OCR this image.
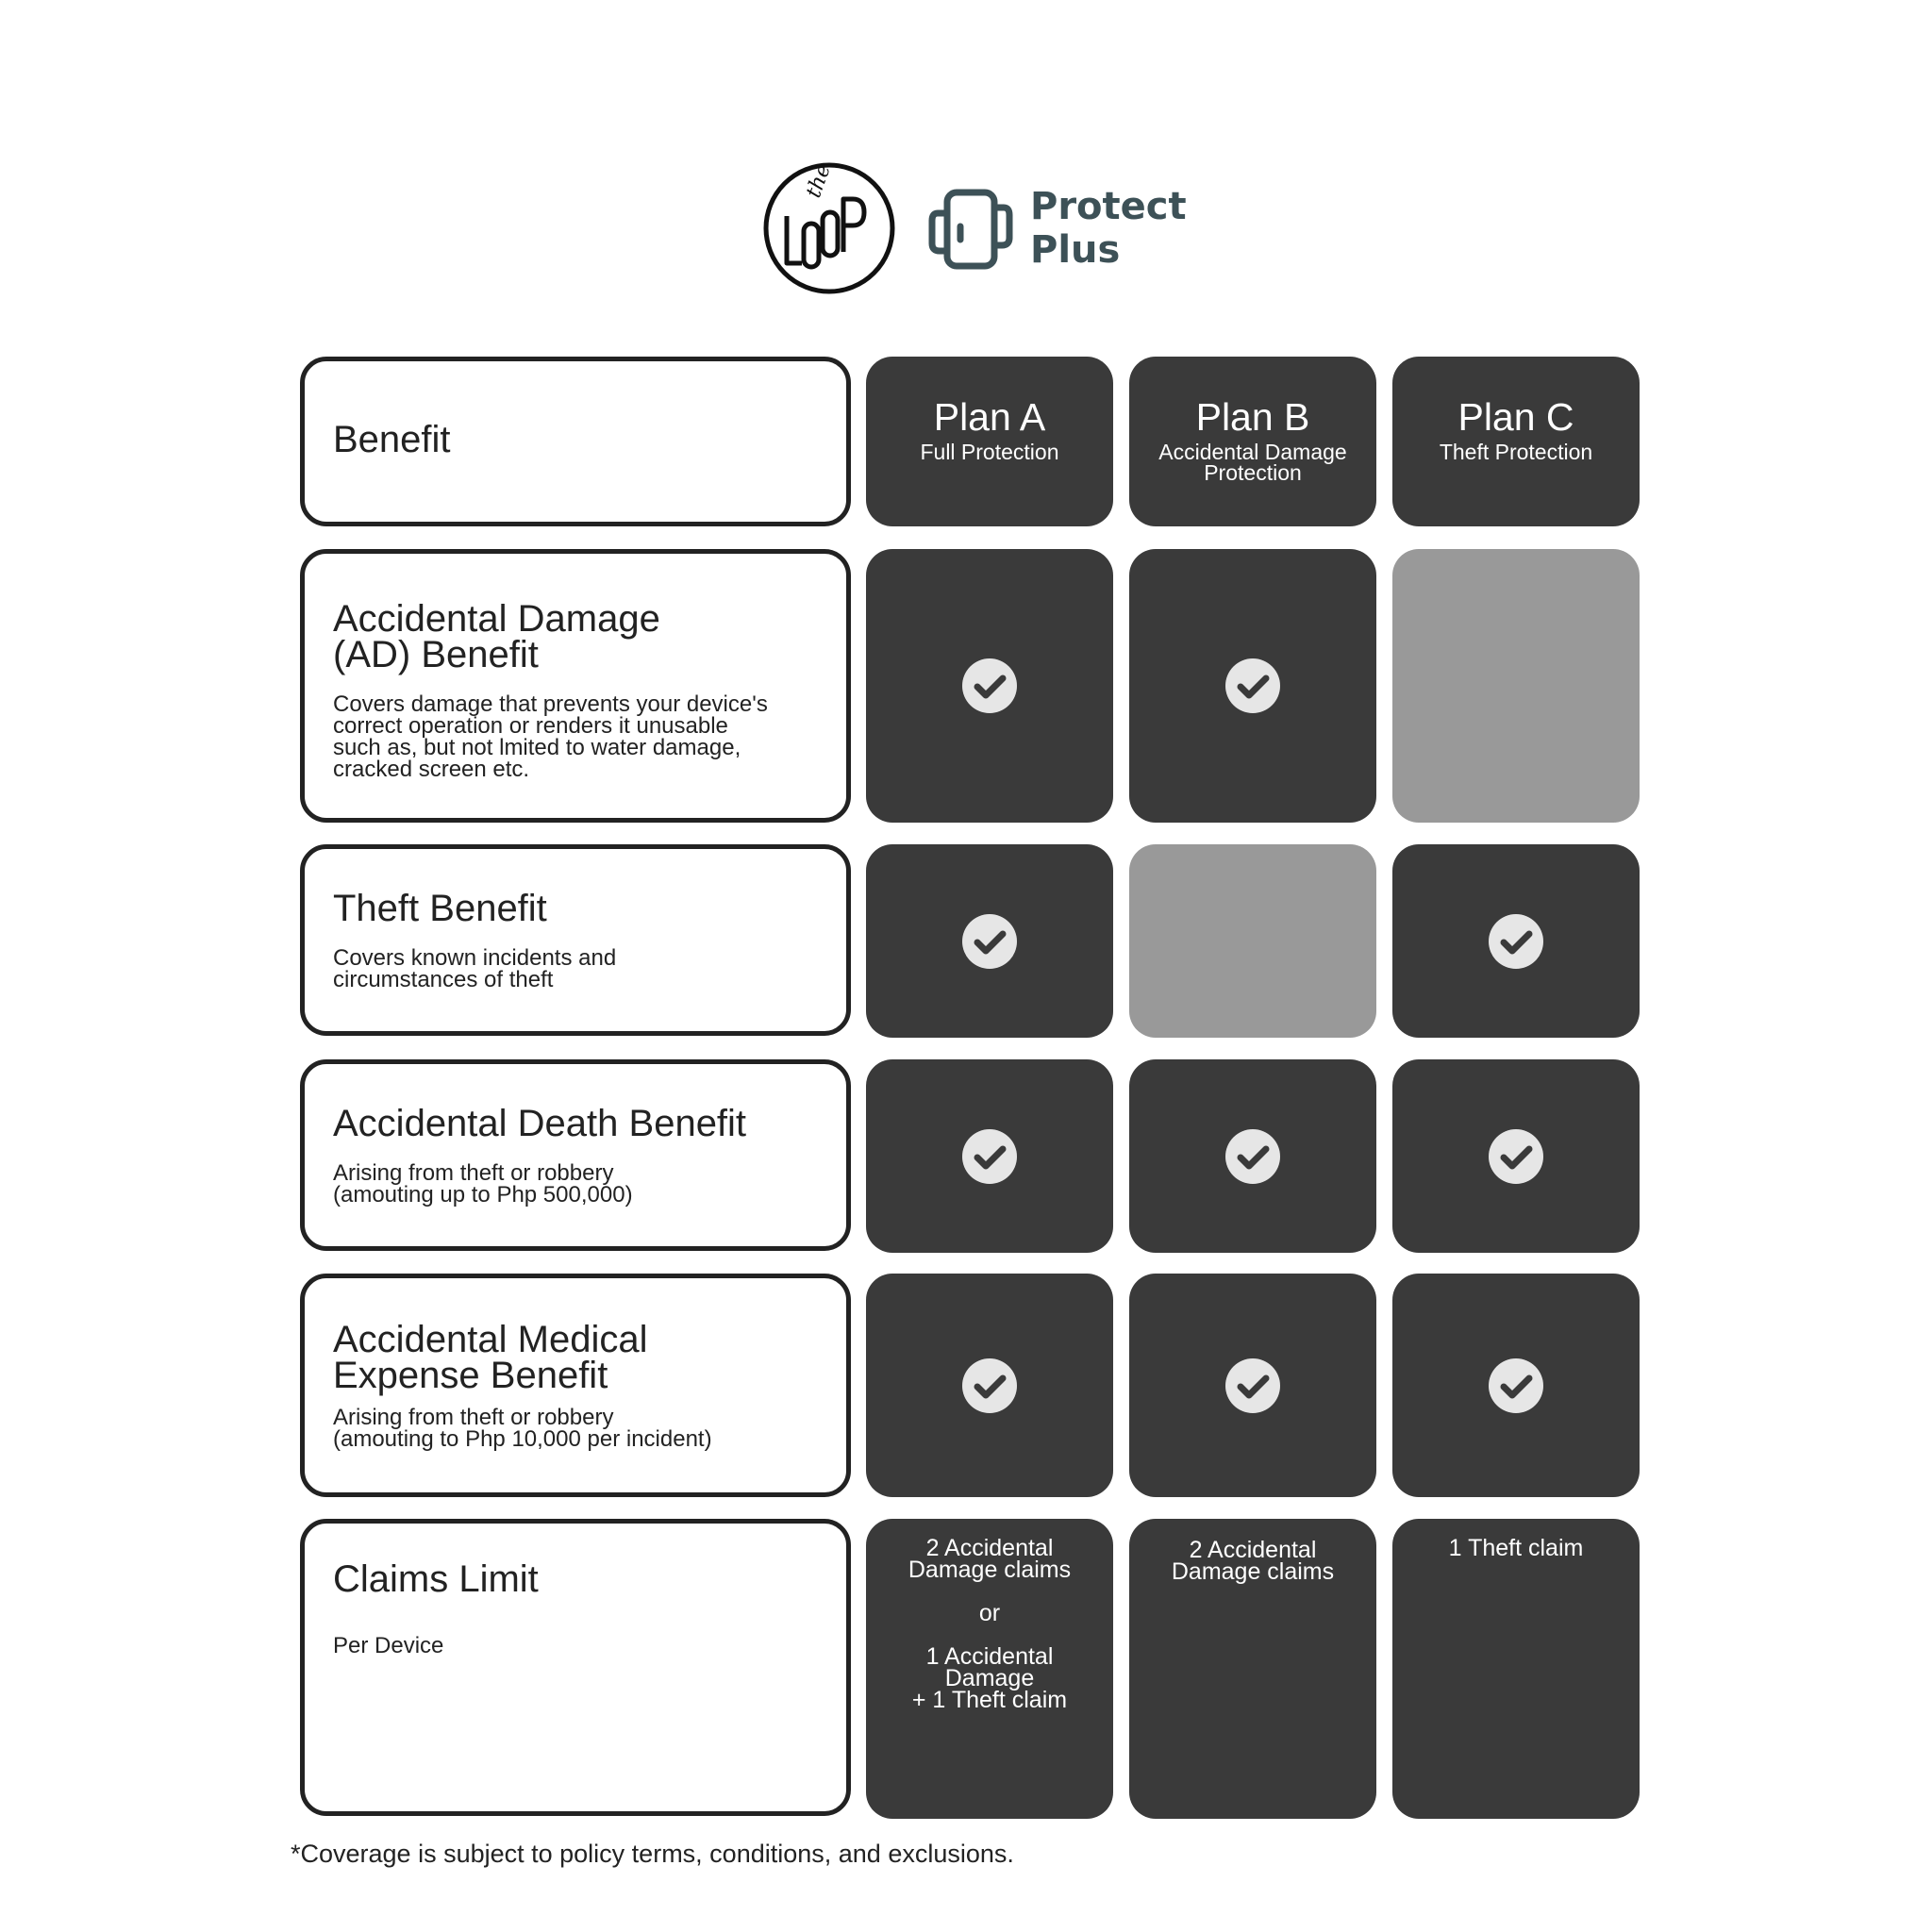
the
Protect
Plus
Benefit
Plan A
Full Protection
Plan B
Accidental Damage
Protection
Plan C
Theft Protection
Accidental Damage
(AD) Benefit
Covers damage that prevents your device's
correct operation or renders it unusable
such as, but not lmited to water damage,
cracked screen etc.
Theft Benefit
Covers known incidents and
circumstances of theft
Accidental Death Benefit
Arising from theft or robbery
(amouting up to Php 500,000)
Accidental Medical
Expense Benefit
Arising from theft or robbery
(amouting to Php 10,000 per incident)
Claims Limit
Per Device
2 Accidental
Damage claims
or
1 Accidental
Damage
+ 1 Theft claim
2 Accidental
Damage claims
1 Theft claim
*Coverage is subject to policy terms, conditions, and exclusions.
